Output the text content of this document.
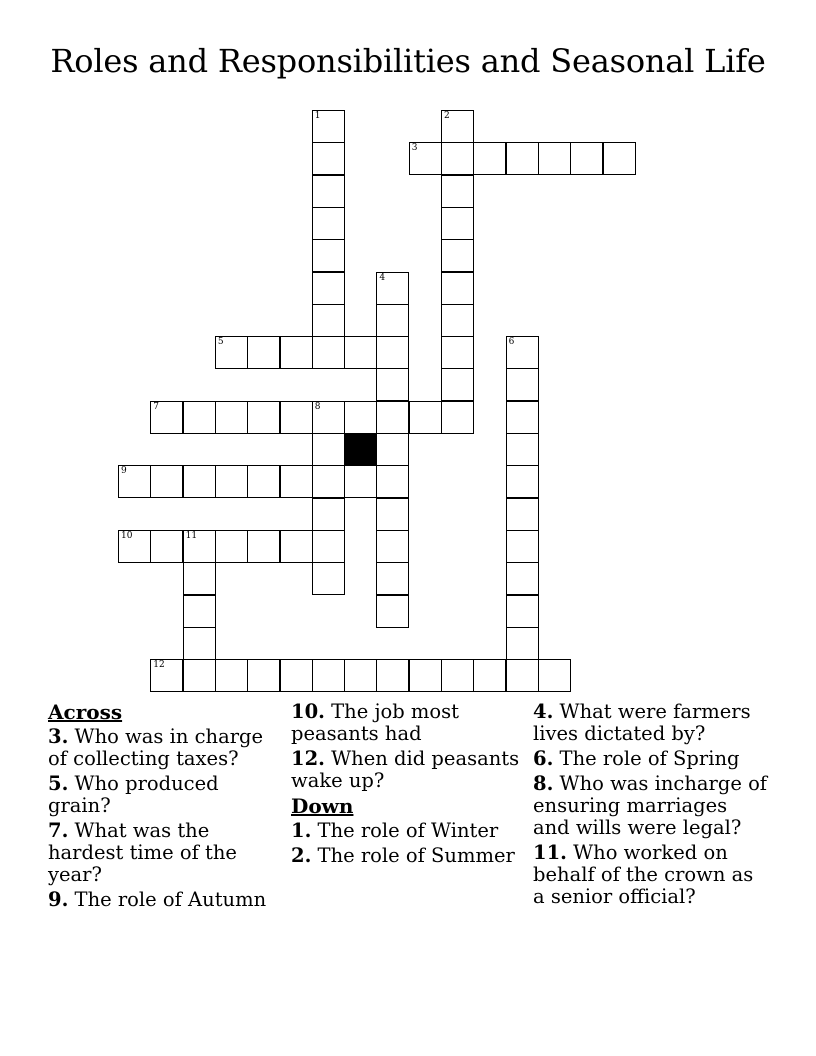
Roles and Responsibilities and Seasonal Life
1	2
3
4
5	6
7	8
9
10	11
12
Across
3. Who was in charge of collecting taxes?
5. Who produced grain?
7. What was the hardest time of the year?
9. The role of Autumn
10. The job most peasants had
12. When did peasants wake up?
Down
1. The role of Winter
2. The role of Summer
4. What were farmers lives dictated by?
6. The role of Spring
8. Who was incharge of ensuring marriages and wills were legal?
11. Who worked on behalf of the crown as a senior official?
